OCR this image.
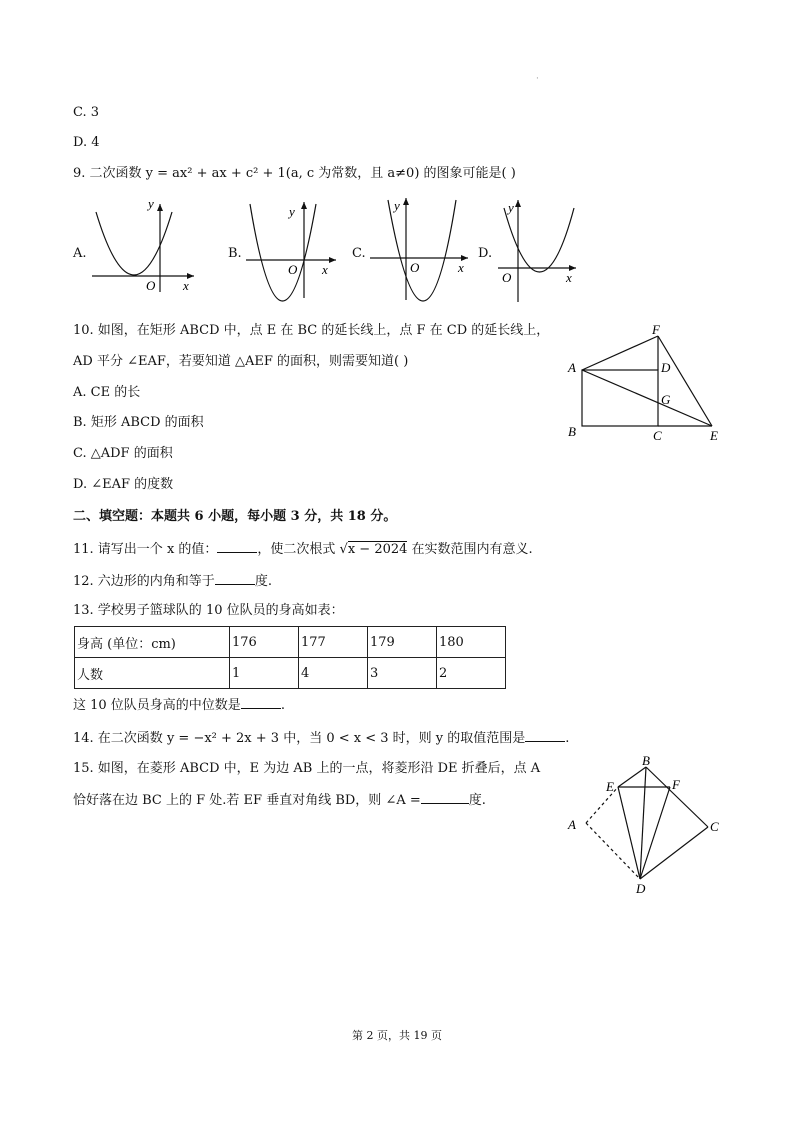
·
C. 3
D. 4
9. 二次函数 y = ax² + ax + c² + 1(a, c 为常数，且 a≠0) 的图象可能是( )
A.
y
O x
B.
y
O x
C.
y
O	x
D.
y
O	x
10. 如图，在矩形 ABCD 中，点 E 在 BC 的延长线上，点 F 在 CD 的延长线上，
AD 平分 ∠EAF，若要知道 △AEF 的面积，则需要知道( )
A. CE 的长
B. 矩形 ABCD 的面积
C. △ADF 的面积
D. ∠EAF 的度数
F
A	D
G
B	C	E
二、填空题：本题共 6 小题，每小题 3 分，共 18 分。
11. 请写出一个 x 的值：	，使二次根式 √x − 2024 在实数范围内有意义.
12. 六边形的内角和等于	度.
13. 学校男子篮球队的 10 位队员的身高如表：
身高 (单位：cm)	176	177	179	180
人数	1	4	3	2
这 10 位队员身高的中位数是	.
14. 在二次函数 y = −x² + 2x + 3 中，当 0 < x < 3 时，则 y 的取值范围是	.
15. 如图，在菱形 ABCD 中，E 为边 AB 上的一点，将菱形沿 DE 折叠后，点 A
恰好落在边 BC 上的 F 处.若 EF 垂直对角线 BD，则 ∠A =	度.
B
E	F
A	C
D
第 2 页，共 19 页
